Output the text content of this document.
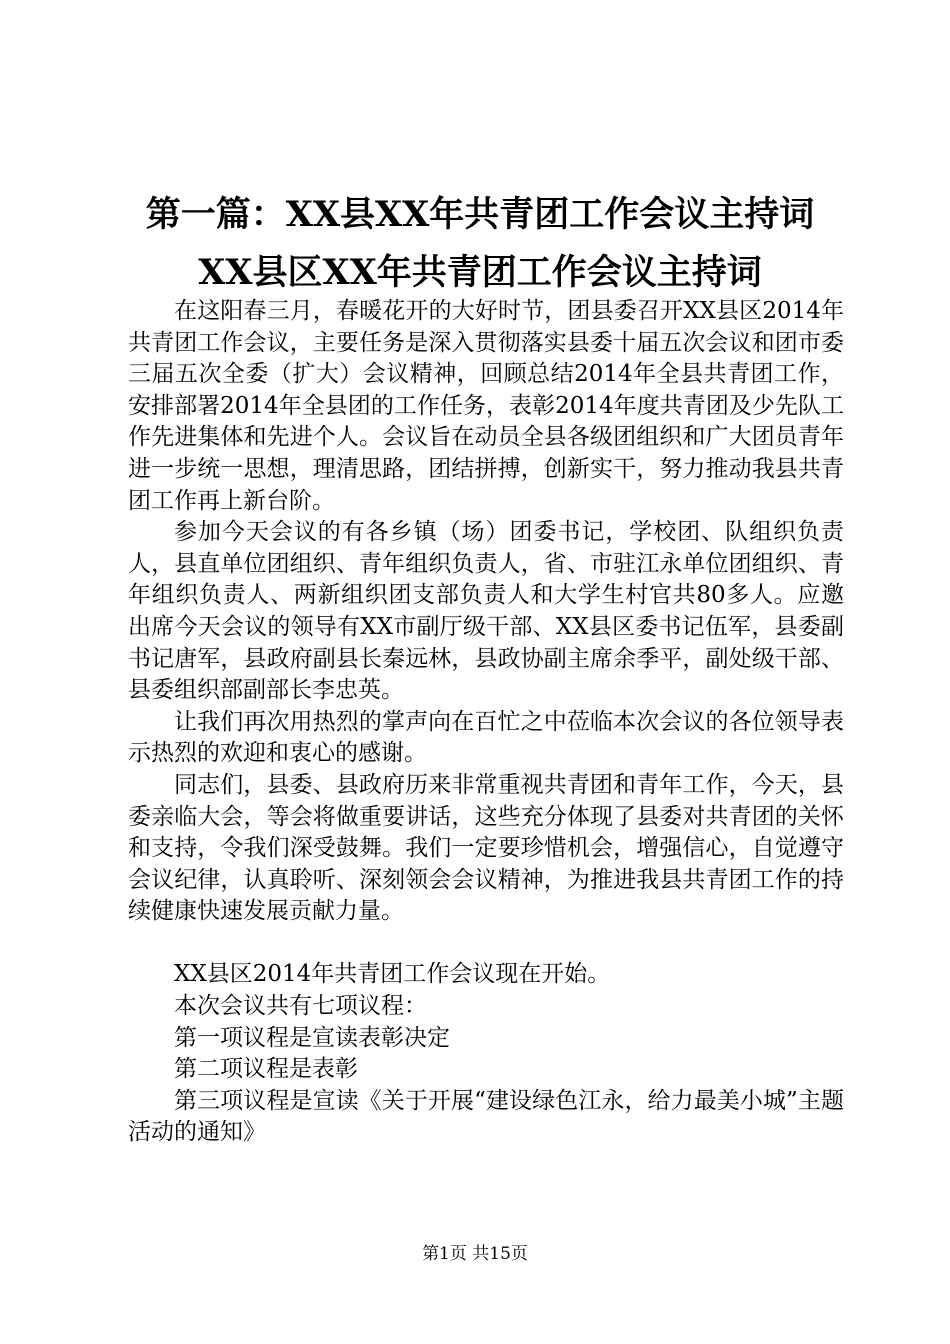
第一篇：XX县XX年共青团工作会议主持词XX县区XX年共青团工作会议主持词

在这阳春三月，春暖花开的大好时节，团县委召开XX县区2014年共青团工作会议，主要任务是深入贯彻落实县委十届五次会议和团市委三届五次全委（扩大）会议精神，回顾总结2014年全县共青团工作，安排部署2014年全县团的工作任务，表彰2014年度共青团及少先队工作先进集体和先进个人。会议旨在动员全县各级团组织和广大团员青年进一步统一思想，理清思路，团结拼搏，创新实干，努力推动我县共青团工作再上新台阶。

参加今天会议的有各乡镇（场）团委书记，学校团、队组织负责人，县直单位团组织、青年组织负责人，省、市驻江永单位团组织、青年组织负责人、两新组织团支部负责人和大学生村官共80多人。应邀出席今天会议的领导有XX市副厅级干部、XX县区委书记伍军，县委副书记唐军，县政府副县长秦远林，县政协副主席余季平，副处级干部、县委组织部副部长李忠英。

让我们再次用热烈的掌声向在百忙之中莅临本次会议的各位领导表示热烈的欢迎和衷心的感谢。

同志们，县委、县政府历来非常重视共青团和青年工作，今天，县委亲临大会，等会将做重要讲话，这些充分体现了县委对共青团的关怀和支持，令我们深受鼓舞。我们一定要珍惜机会，增强信心，自觉遵守会议纪律，认真聆听、深刻领会会议精神，为推进我县共青团工作的持续健康快速发展贡献力量。

XX县区2014年共青团工作会议现在开始。

本次会议共有七项议程：

第一项议程是宣读表彰决定

第二项议程是表彰

第三项议程是宣读《关于开展“建设绿色江永，给力最美小城”主题活动的通知》

第1页 共15页
